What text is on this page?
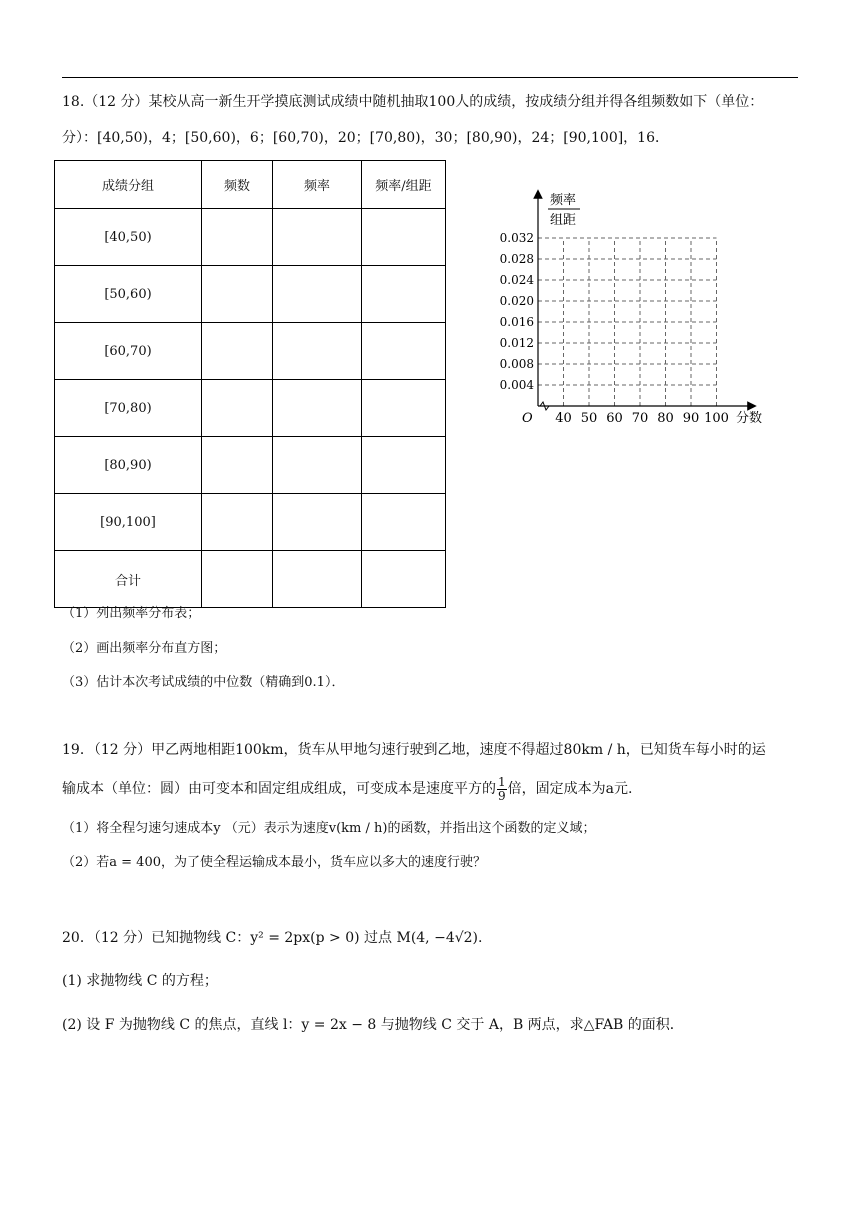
18.（12 分）某校从高一新生开学摸底测试成绩中随机抽取100人的成绩，按成绩分组并得各组频数如下（单位：
分）：[40,50)，4；[50,60)，6；[60,70)，20；[70,80)，30；[80,90)，24；[90,100]，16．
成绩分组	频数	频率	频率/组距
[40,50)			
[50,60)			
[60,70)			
[70,80)			
[80,90)			
[90,100]			
合计			
频率
组距
0.032
0.028
0.024
0.020
0.016
0.012
0.008
0.004
40 50 60 70 80 90 100
O	分数
（1）列出频率分布表；
（2）画出频率分布直方图；
（3）估计本次考试成绩的中位数（精确到0.1）．
19．（12 分）甲乙两地相距100km，货车从甲地匀速行驶到乙地，速度不得超过80km / h，已知货车每小时的运
输成本（单位：圆）由可变本和固定组成组成，可变成本是速度平方的 $\frac{1}{9}$ 倍，固定成本为a元.
（1）将全程匀速匀速成本y （元）表示为速度v(km / h)的函数，并指出这个函数的定义域；
（2）若a = 400，为了使全程运输成本最小，货车应以多大的速度行驶？
20．（12 分）已知抛物线 C：y² = 2px(p > 0) 过点 M(4, −4√2).
(1) 求抛物线 C 的方程；
(2) 设 F 为抛物线 C 的焦点，直线 l：y = 2x − 8 与抛物线 C 交于 A，B 两点，求△FAB 的面积．
